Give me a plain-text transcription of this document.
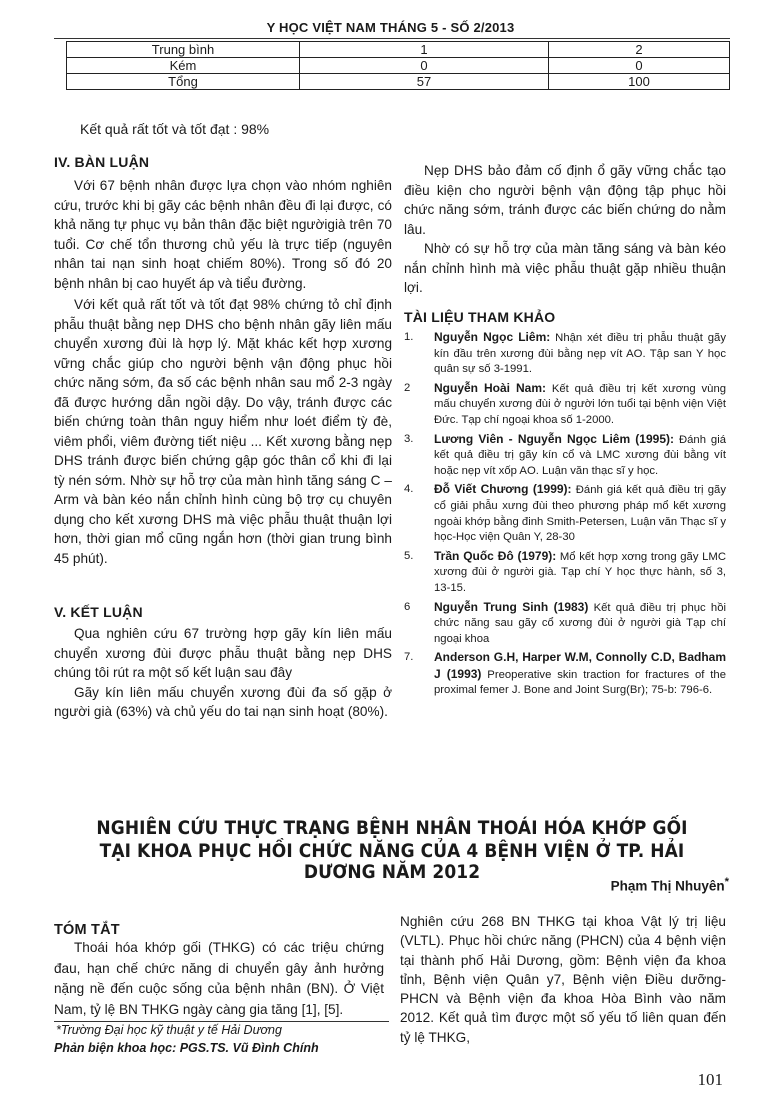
Y HỌC VIỆT NAM THÁNG 5 - SỐ 2/2013
Trung bình	1	2
Kém	0	0
Tổng	57	100
Kết quả rất tốt và tốt đạt : 98%
IV. BÀN LUẬN

Với 67 bệnh nhân được lựa chọn vào nhóm nghiên cứu, trước khi bị gãy các bệnh nhân đều đi lại được, có khả năng tự phục vụ bản thân đặc biệt ngườigià trên 70 tuổi. Cơ chế tổn thương chủ yếu là trực tiếp (nguyên nhân tai nạn sinh hoạt chiếm 80%). Trong số đó 20 bệnh nhân bị cao huyết áp và tiểu đường.

Với kết quả rất tốt và tốt đạt 98% chứng tỏ chỉ định phẫu thuật bằng nẹp DHS cho bệnh nhân gãy liên mấu chuyển xương đùi là hợp lý. Mặt khác kết hợp xương vững chắc giúp cho người bệnh vận động phục hồi chức năng sớm, đa số các bệnh nhân sau mổ 2-3 ngày đã được hướng dẫn ngồi dậy. Do vậy, tránh được các biến chứng toàn thân nguy hiểm như loét điểm tỳ đè, viêm phổi, viêm đường tiết niệu ... Kết xương bằng nẹp DHS tránh được biến chứng gập góc thân cổ khi đi lại tỳ nén sớm. Nhờ sự hỗ trợ của màn hình tăng sáng C – Arm và bàn kéo nắn chỉnh hình cùng bộ trợ cụ chuyên dụng cho kết xương DHS mà việc phẫu thuật thuận lợi hơn, thời gian mổ cũng ngắn hơn (thời gian trung bình 45 phút).

V. KẾT LUẬN

Qua nghiên cứu 67 trường hợp gãy kín liên mấu chuyển xương đùi được phẫu thuật bằng nẹp DHS chúng tôi rút ra một số kết luận sau đây

Gãy kín liên mấu chuyển xương đùi đa số gặp ở người già (63%) và chủ yếu do tai nạn sinh hoạt (80%).

Nẹp DHS bảo đảm cố định ổ gãy vững chắc tạo điều kiện cho người bệnh vận động tập phục hồi chức năng sớm, tránh được các biến chứng do nằm lâu.

Nhờ có sự hỗ trợ của màn tăng sáng và bàn kéo nắn chỉnh hình mà việc phẫu thuật gặp nhiều thuận lợi.

TÀI LIỆU THAM KHẢO
1.	Nguyễn Ngọc Liêm: Nhận xét điều trị phẫu thuật gãy kín đầu trên xương đùi bằng nẹp vít AO. Tập san Y học quân sự số 3-1991.
2	Nguyễn Hoài Nam: Kết quả điều trị kết xương vùng mấu chuyển xương đùi ở người lớn tuổi tại bệnh viện Việt Đức. Tạp chí ngoại khoa số 1-2000.
3.	Lương Viên - Nguyễn Ngọc Liêm (1995): Đánh giá kết quả điều trị gãy kín cổ và LMC xương đùi bằng vít hoặc nẹp vít xốp AO. Luận văn thạc sĩ y học.
4.	Đỗ Viết Chương (1999): Đánh giá kết quả điều trị gãy cổ giải phẫu xưng đùi theo phương pháp mổ kết xương ngoài khớp bằng đinh Smith-Petersen, Luận văn Thạc sĩ y học-Học viện Quân Y, 28-30
5.	Trần Quốc Đô (1979): Mổ kết hợp xơng trong gãy LMC xương đùi ở người già. Tạp chí Y học thực hành, số 3, 13-15.
6	Nguyễn Trung Sinh (1983) Kết quả điều trị phục hồi chức năng sau gãy cổ xương đùi ở người già Tạp chí ngoại khoa
7.	Anderson G.H, Harper W.M, Connolly C.D, Badham J (1993) Preoperative skin traction for fractures of the proximal femer J. Bone and Joint Surg(Br); 75-b: 796-6.
NGHIÊN CỨU THỰC TRẠNG BỆNH NHÂN THOÁI HÓA KHỚP GỐI
TẠI KHOA PHỤC HỒI CHỨC NĂNG CỦA 4 BỆNH VIỆN Ở TP. HẢI DƯƠNG NĂM 2012
Phạm Thị Nhuyên*
TÓM TẮT

Thoái hóa khớp gối (THKG) có các triệu chứng đau, hạn chế chức năng di chuyển gây ảnh hưởng nặng nề đến cuộc sống của bệnh nhân (BN). Ở Việt Nam, tỷ lệ BN THKG ngày càng gia tăng [1], [5].

Nghiên cứu 268 BN THKG tại khoa Vật lý trị liệu (VLTL). Phục hồi chức năng (PHCN) của 4 bệnh viện tại thành phố Hải Dương, gồm: Bệnh viện đa khoa tỉnh, Bệnh viện Quân y7, Bệnh viện Điều dưỡng- PHCN và Bệnh viện đa khoa Hòa Bình vào năm 2012. Kết quả tìm được một số yếu tố liên quan đến tỷ lệ THKG,

*Trường Đại học kỹ thuật y tế Hải Dương
Phản biện khoa học: PGS.TS. Vũ Đình Chính
101
